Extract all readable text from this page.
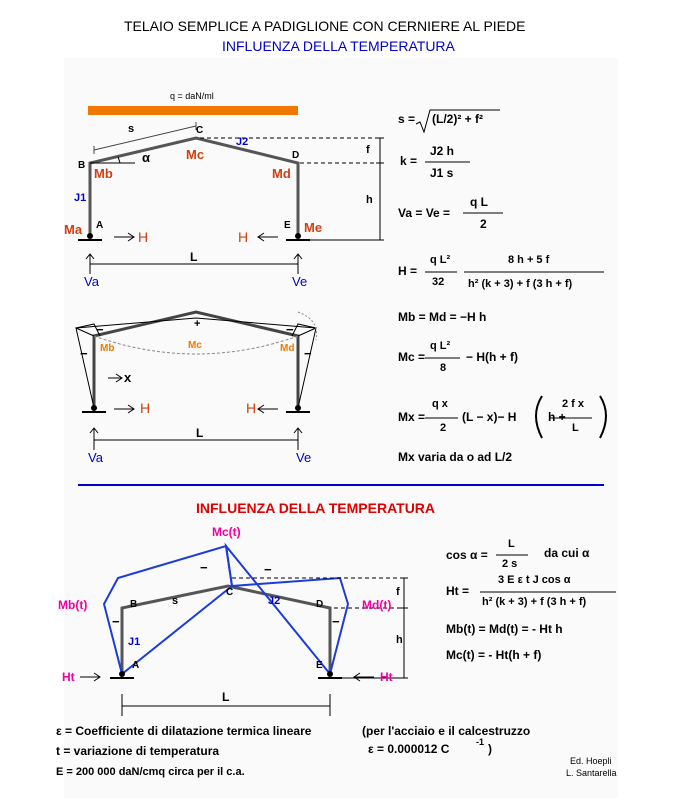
TELAIO SEMPLICE A PADIGLIONE CON CERNIERE AL PIEDE
INFLUENZA DELLA TEMPERATURA
q = daN/ml
s
α
C
J2
B
D
Mc
Mb	Md
J1
A	E
Ma	Me
H	H
f
h
L
Va	Ve
−	−
−	−
+
Mb	Mc	Md
x
H	H
L
Va	Ve
s = (L/2)² + f²
k =
J2 h
J1 s
Va = Ve =
q L
2
H =
q L²
32
8 h + 5 f
h² (k + 3) + f (3 h + f)
Mb = Md = −H h
Mc =
q L²
8
− H(h + f)
Mx =
q x
2
(L − x)− H	h +
2 f x
L
Mx varia da o ad L/2
INFLUENZA DELLA TEMPERATURA
Mc(t)
−	−
−	−
C
B	D
s	J2
Mb(t)	Md(t)
J1
A	E
f
h
L
Ht	Ht
cos α =
L
2 s
da cui α
Ht =
3 E ε t J cos α
h² (k + 3) + f (3 h + f)
Mb(t) = Md(t) = - Ht h
Mc(t) = - Ht(h + f)
ε = Coefficiente di dilatazione termica lineare	(per l'acciaio e il calcestruzzo
ε = 0.000012 C	-1 )
t = variazione di temperatura
E = 200 000 daN/cmq circa per il c.a.
Ed. Hoepli
L. Santarella
